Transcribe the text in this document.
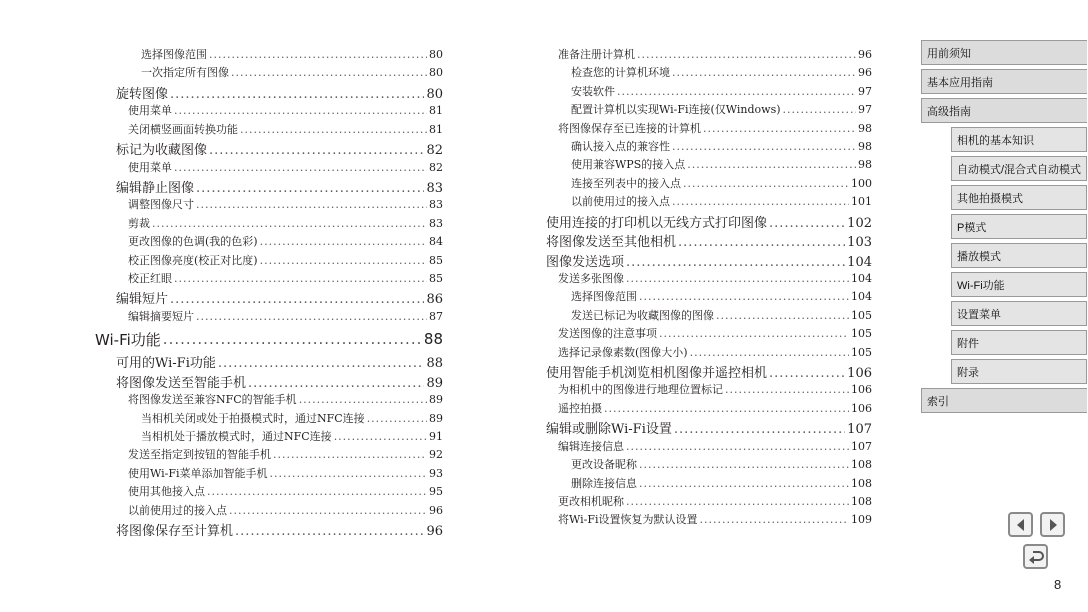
选择图像范围 .....	80
一次指定所有图像 .....	80
旋转图像 .....	80
使用菜单 .....	81
关闭横竖画面转换功能 .....	81
标记为收藏图像 .....	82
使用菜单 .....	82
编辑静止图像 .....	83
调整图像尺寸 .....	83
剪裁 .....	83
更改图像的色调(我的色彩) .....	84
校正图像亮度(校正对比度) .....	85
校正红眼 .....	85
编辑短片 .....	86
编辑摘要短片 .....	87
Wi-Fi功能 .....	88
可用的Wi-Fi功能 .....	88
将图像发送至智能手机 .....	89
将图像发送至兼容NFC的智能手机 .....	89
当相机关闭或处于拍摄模式时，通过NFC连接 .....	89
当相机处于播放模式时，通过NFC连接 .....	91
发送至指定到按钮的智能手机 .....	92
使用Wi-Fi菜单添加智能手机 .....	93
使用其他接入点 .....	95
以前使用过的接入点 .....	96
将图像保存至计算机 .....	96
准备注册计算机 .....	96
检查您的计算机环境 .....	96
安装软件 .....	97
配置计算机以实现Wi-Fi连接(仅Windows) .....	97
将图像保存至已连接的计算机 .....	98
确认接入点的兼容性 .....	98
使用兼容WPS的接入点 .....	98
连接至列表中的接入点 .....	100
以前使用过的接入点 .....	101
使用连接的打印机以无线方式打印图像 .....	102
将图像发送至其他相机 .....	103
图像发送选项 .....	104
发送多张图像 .....	104
选择图像范围 .....	104
发送已标记为收藏图像的图像 .....	105
发送图像的注意事项 .....	105
选择记录像素数(图像大小) .....	105
使用智能手机浏览相机图像并遥控相机 .....	106
为相机中的图像进行地理位置标记 .....	106
遥控拍摄 .....	106
编辑或删除Wi-Fi设置 .....	107
编辑连接信息 .....	107
更改设备昵称 .....	108
删除连接信息 .....	108
更改相机昵称 .....	108
将Wi-Fi设置恢复为默认设置 .....	109
用前须知
基本应用指南
高级指南
相机的基本知识
自动模式/混合式自动模式
其他拍摄模式
P模式
播放模式
Wi-Fi功能
设置菜单
附件
附录
索引
8
